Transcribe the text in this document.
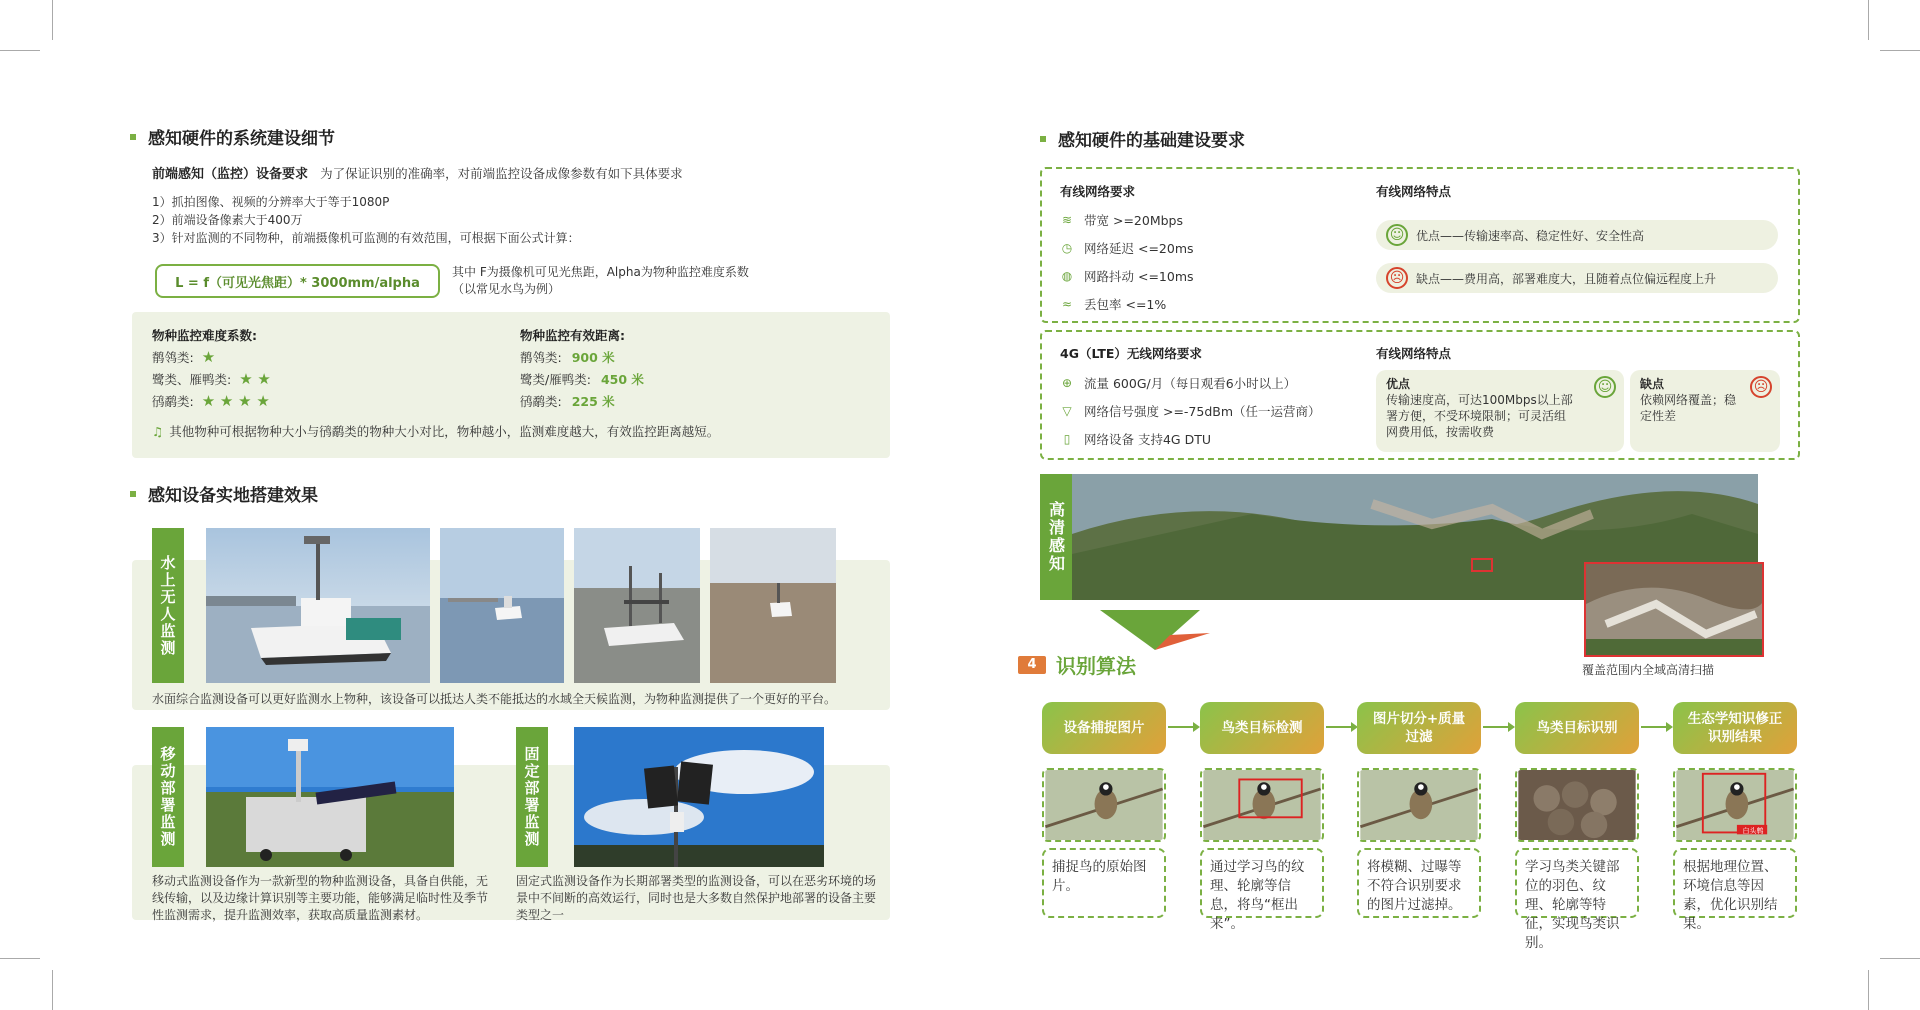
感知硬件的系统建设细节
前端感知（监控）设备要求 为了保证识别的准确率，对前端监控设备成像参数有如下具体要求
1）抓拍图像、视频的分辨率大于等于1080P
2）前端设备像素大于400万
3）针对监测的不同物种，前端摄像机可监测的有效范围，可根据下面公式计算：
L = f（可见光焦距）* 3000mm/alpha
其中 F为摄像机可见光焦距，Alpha为物种监控难度系数
（以常见水鸟为例）
物种监控难度系数:	物种监控有效距离:
鹡鸰类: ★	鹡鸰类: 900 米
鹭类、雁鸭类: ★ ★	鹭类/雁鸭类: 450 米
鸻鹬类: ★ ★ ★ ★	鸻鹬类: 225 米
♫ 其他物种可根据物种大小与鸻鹬类的物种大小对比，物种越小，监测难度越大，有效监控距离越短。
感知设备实地搭建效果
水上无人监测
水面综合监测设备可以更好监测水上物种，该设备可以抵达人类不能抵达的水域全天候监测，为物种监测提供了一个更好的平台。
移动部署监测	固定部署监测
移动式监测设备作为一款新型的物种监测设备，具备自供能，无线传输，以及边缘计算识别等主要功能，能够满足临时性及季节性监测需求，提升监测效率，获取高质量监测素材。
固定式监测设备作为长期部署类型的监测设备，可以在恶劣环境的场景中不间断的高效运行，同时也是大多数自然保护地部署的设备主要类型之一
感知硬件的基础建设要求
有线网络要求	有线网络特点
☺ 优点——传输速率高、稳定性好、安全性高
☹ 缺点——费用高，部署难度大，且随着点位偏远程度上升
4G（LTE）无线网络要求	有线网络特点
优点
传输速度高，可达100Mbps以上部署方便，不受环境限制；可灵活组网费用低，按需收费
☺	缺点
依赖网络覆盖；稳定性差
☹
高清感知
覆盖范围内全域高清扫描
4 识别算法
≋ 带宽 >=20Mbps
◷ 网络延迟 <=20ms
◍ 网路抖动 <=10ms
≈ 丢包率 <=1%
⊕ 流量 600G/月（每日观看6小时以上）
▽ 网络信号强度 >=-75dBm（任一运营商）
▯ 网络设备 支持4G DTU
设备捕捉图片
捕捉鸟的原始图片。
鸟类目标检测
通过学习鸟的纹理、轮廓等信息，将鸟“框出来”。
图片切分+质量过滤
将模糊、过曝等不符合识别要求的图片过滤掉。
鸟类目标识别
学习鸟类关键部位的羽色、纹理、轮廓等特征，实现鸟类识别。
生态学知识修正识别结果
白头鹎
根据地理位置、环境信息等因素，优化识别结果。
